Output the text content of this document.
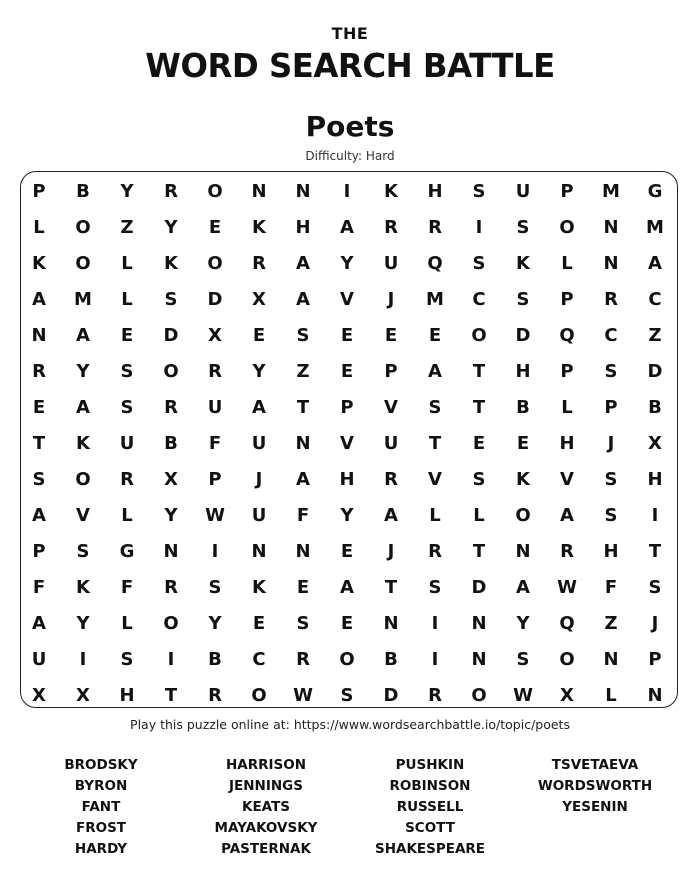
THE
WORD SEARCH BATTLE
Poets
Difficulty: Hard
P	B	Y	R	O	N	N	I	K	H	S	U	P	M	G
L	O	Z	Y	E	K	H	A	R	R	I	S	O	N	M
K	O	L	K	O	R	A	Y	U	Q	S	K	L	N	A
A	M	L	S	D	X	A	V	J	M	C	S	P	R	C
N	A	E	D	X	E	S	E	E	E	O	D	Q	C	Z
R	Y	S	O	R	Y	Z	E	P	A	T	H	P	S	D
E	A	S	R	U	A	T	P	V	S	T	B	L	P	B
T	K	U	B	F	U	N	V	U	T	E	E	H	J	X
S	O	R	X	P	J	A	H	R	V	S	K	V	S	H
A	V	L	Y	W	U	F	Y	A	L	L	O	A	S	I
P	S	G	N	I	N	N	E	J	R	T	N	R	H	T
F	K	F	R	S	K	E	A	T	S	D	A	W	F	S
A	Y	L	O	Y	E	S	E	N	I	N	Y	Q	Z	J
U	I	S	I	B	C	R	O	B	I	N	S	O	N	P
X	X	H	T	R	O	W	S	D	R	O	W	X	L	N
Play this puzzle online at: https://www.wordsearchbattle.io/topic/poets
BRODSKY
BYRON
FANT
FROST
HARDY
HARRISON
JENNINGS
KEATS
MAYAKOVSKY
PASTERNAK
PUSHKIN
ROBINSON
RUSSELL
SCOTT
SHAKESPEARE
TSVETAEVA
WORDSWORTH
YESENIN
